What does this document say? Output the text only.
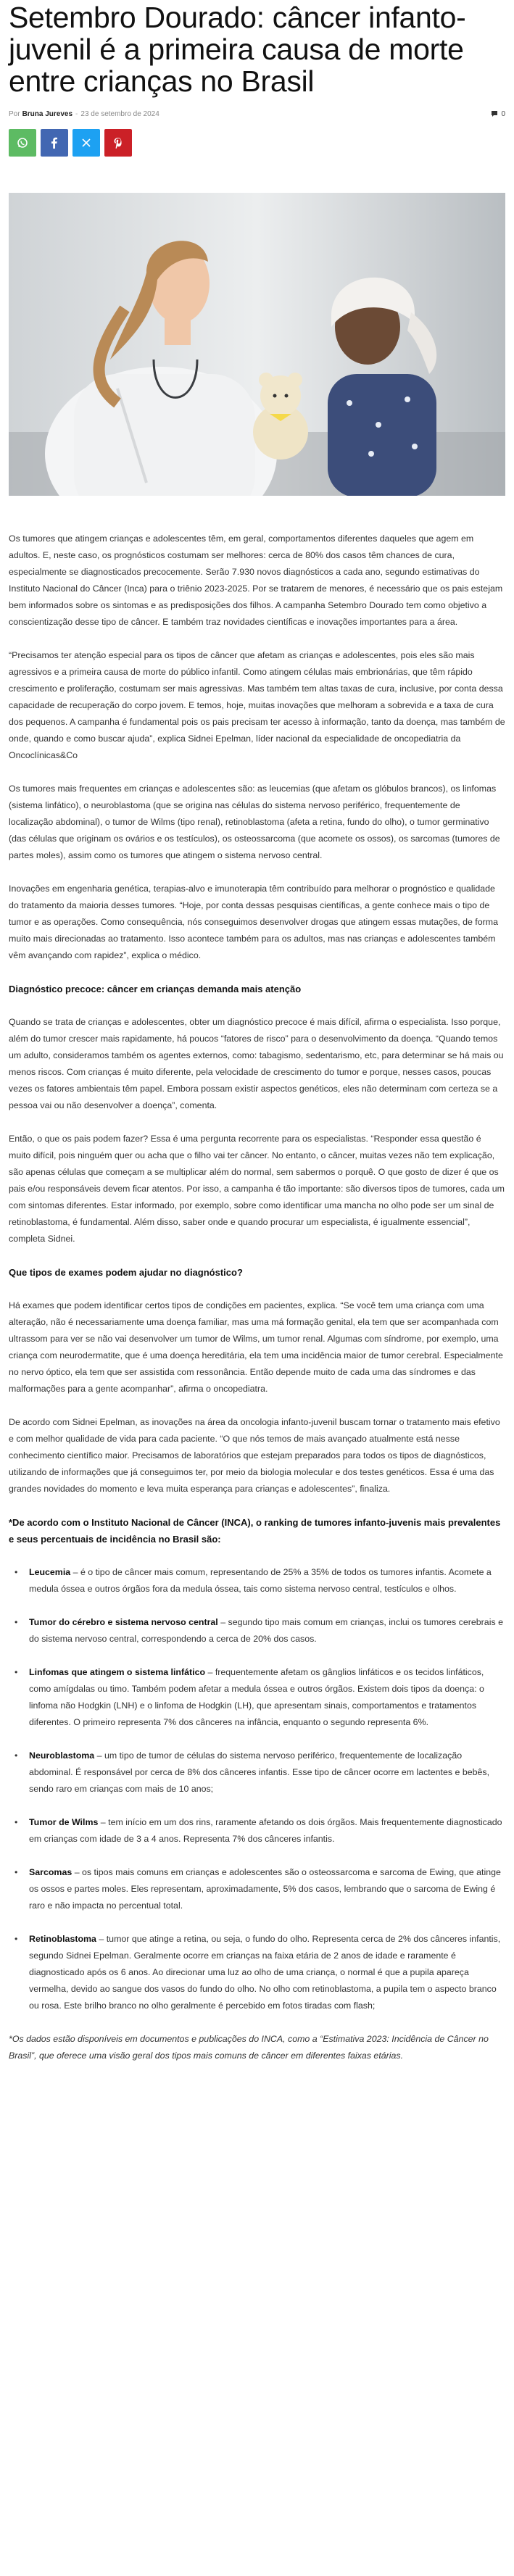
Setembro Dourado: câncer infanto-juvenil é a primeira causa de morte entre crianças no Brasil
Por Bruna Jureves - 23 de setembro de 2024	0

Os tumores que atingem crianças e adolescentes têm, em geral, comportamentos diferentes daqueles que agem em adultos. E, neste caso, os prognósticos costumam ser melhores: cerca de 80% dos casos têm chances de cura, especialmente se diagnosticados precocemente. Serão 7.930 novos diagnósticos a cada ano, segundo estimativas do Instituto Nacional do Câncer (Inca) para o triênio 2023-2025. Por se tratarem de menores, é necessário que os pais estejam bem informados sobre os sintomas e as predisposições dos filhos. A campanha Setembro Dourado tem como objetivo a conscientização desse tipo de câncer. E também traz novidades científicas e inovações importantes para a área.

“Precisamos ter atenção especial para os tipos de câncer que afetam as crianças e adolescentes, pois eles são mais agressivos e a primeira causa de morte do público infantil. Como atingem células mais embrionárias, que têm rápido crescimento e proliferação, costumam ser mais agressivas. Mas também tem altas taxas de cura, inclusive, por conta dessa capacidade de recuperação do corpo jovem. E temos, hoje, muitas inovações que melhoram a sobrevida e a taxa de cura dos pequenos. A campanha é fundamental pois os pais precisam ter acesso à informação, tanto da doença, mas também de onde, quando e como buscar ajuda”, explica Sidnei Epelman, líder nacional da especialidade de oncopediatria da Oncoclínicas&Co

Os tumores mais frequentes em crianças e adolescentes são: as leucemias (que afetam os glóbulos brancos), os linfomas (sistema linfático), o neuroblastoma (que se origina nas células do sistema nervoso periférico, frequentemente de localização abdominal), o tumor de Wilms (tipo renal), retinoblastoma (afeta a retina, fundo do olho), o tumor germinativo (das células que originam os ovários e os testículos), os osteossarcoma (que acomete os ossos), os sarcomas (tumores de partes moles), assim como os tumores que atingem o sistema nervoso central.

Inovações em engenharia genética, terapias-alvo e imunoterapia têm contribuído para melhorar o prognóstico e qualidade do tratamento da maioria desses tumores. “Hoje, por conta dessas pesquisas científicas, a gente conhece mais o tipo de tumor e as operações. Como consequência, nós conseguimos desenvolver drogas que atingem essas mutações, de forma muito mais direcionadas ao tratamento. Isso acontece também para os adultos, mas nas crianças e adolescentes também vêm avançando com rapidez”, explica o médico.

Diagnóstico precoce: câncer em crianças demanda mais atenção

Quando se trata de crianças e adolescentes, obter um diagnóstico precoce é mais difícil, afirma o especialista. Isso porque, além do tumor crescer mais rapidamente, há poucos “fatores de risco” para o desenvolvimento da doença. “Quando temos um adulto, consideramos também os agentes externos, como: tabagismo, sedentarismo, etc, para determinar se há mais ou menos riscos. Com crianças é muito diferente, pela velocidade de crescimento do tumor e porque, nesses casos, poucas vezes os fatores ambientais têm papel. Embora possam existir aspectos genéticos, eles não determinam com certeza se a pessoa vai ou não desenvolver a doença”, comenta.

Então, o que os pais podem fazer? Essa é uma pergunta recorrente para os especialistas. “Responder essa questão é muito difícil, pois ninguém quer ou acha que o filho vai ter câncer. No entanto, o câncer, muitas vezes não tem explicação, são apenas células que começam a se multiplicar além do normal, sem sabermos o porquê. O que gosto de dizer é que os pais e/ou responsáveis devem ficar atentos. Por isso, a campanha é tão importante: são diversos tipos de tumores, cada um com sintomas diferentes. Estar informado, por exemplo, sobre como identificar uma mancha no olho pode ser um sinal de retinoblastoma, é fundamental. Além disso, saber onde e quando procurar um especialista, é igualmente essencial”, completa Sidnei.

Que tipos de exames podem ajudar no diagnóstico?

Há exames que podem identificar certos tipos de condições em pacientes, explica. “Se você tem uma criança com uma alteração, não é necessariamente uma doença familiar, mas uma má formação genital, ela tem que ser acompanhada com ultrassom para ver se não vai desenvolver um tumor de Wilms, um tumor renal. Algumas com síndrome, por exemplo, uma criança com neurodermatite, que é uma doença hereditária, ela tem uma incidência maior de tumor cerebral. Especialmente no nervo óptico, ela tem que ser assistida com ressonância. Então depende muito de cada uma das síndromes e das malformações para a gente acompanhar”, afirma o oncopediatra.

De acordo com Sidnei Epelman, as inovações na área da oncologia infanto-juvenil buscam tornar o tratamento mais efetivo e com melhor qualidade de vida para cada paciente. “O que nós temos de mais avançado atualmente está nesse conhecimento científico maior. Precisamos de laboratórios que estejam preparados para todos os tipos de diagnósticos, utilizando de informações que já conseguimos ter, por meio da biologia molecular e dos testes genéticos. Essa é uma das grandes novidades do momento e leva muita esperança para crianças e adolescentes”, finaliza.

*De acordo com o Instituto Nacional de Câncer (INCA), o ranking de tumores infanto-juvenis mais prevalentes e seus percentuais de incidência no Brasil são:

• Leucemia – é o tipo de câncer mais comum, representando de 25% a 35% de todos os tumores infantis. Acomete a medula óssea e outros órgãos fora da medula óssea, tais como sistema nervoso central, testículos e olhos.
• Tumor do cérebro e sistema nervoso central – segundo tipo mais comum em crianças, inclui os tumores cerebrais e do sistema nervoso central, correspondendo a cerca de 20% dos casos.
• Linfomas que atingem o sistema linfático – frequentemente afetam os gânglios linfáticos e os tecidos linfáticos, como amígdalas ou timo. Também podem afetar a medula óssea e outros órgãos. Existem dois tipos da doença: o linfoma não Hodgkin (LNH) e o linfoma de Hodgkin (LH), que apresentam sinais, comportamentos e tratamentos diferentes. O primeiro representa 7% dos cânceres na infância, enquanto o segundo representa 6%.
• Neuroblastoma – um tipo de tumor de células do sistema nervoso periférico, frequentemente de localização abdominal. É responsável por cerca de 8% dos cânceres infantis. Esse tipo de câncer ocorre em lactentes e bebês, sendo raro em crianças com mais de 10 anos;
• Tumor de Wilms – tem início em um dos rins, raramente afetando os dois órgãos. Mais frequentemente diagnosticado em crianças com idade de 3 a 4 anos. Representa 7% dos cânceres infantis.
• Sarcomas – os tipos mais comuns em crianças e adolescentes são o osteossarcoma e sarcoma de Ewing, que atinge os ossos e partes moles. Eles representam, aproximadamente, 5% dos casos, lembrando que o sarcoma de Ewing é raro e não impacta no percentual total.
• Retinoblastoma – tumor que atinge a retina, ou seja, o fundo do olho. Representa cerca de 2% dos cânceres infantis, segundo Sidnei Epelman. Geralmente ocorre em crianças na faixa etária de 2 anos de idade e raramente é diagnosticado após os 6 anos. Ao direcionar uma luz ao olho de uma criança, o normal é que a pupila apareça vermelha, devido ao sangue dos vasos do fundo do olho. No olho com retinoblastoma, a pupila tem o aspecto branco ou rosa. Este brilho branco no olho geralmente é percebido em fotos tiradas com flash;

*Os dados estão disponíveis em documentos e publicações do INCA, como a “Estimativa 2023: Incidência de Câncer no Brasil”, que oferece uma visão geral dos tipos mais comuns de câncer em diferentes faixas etárias.
